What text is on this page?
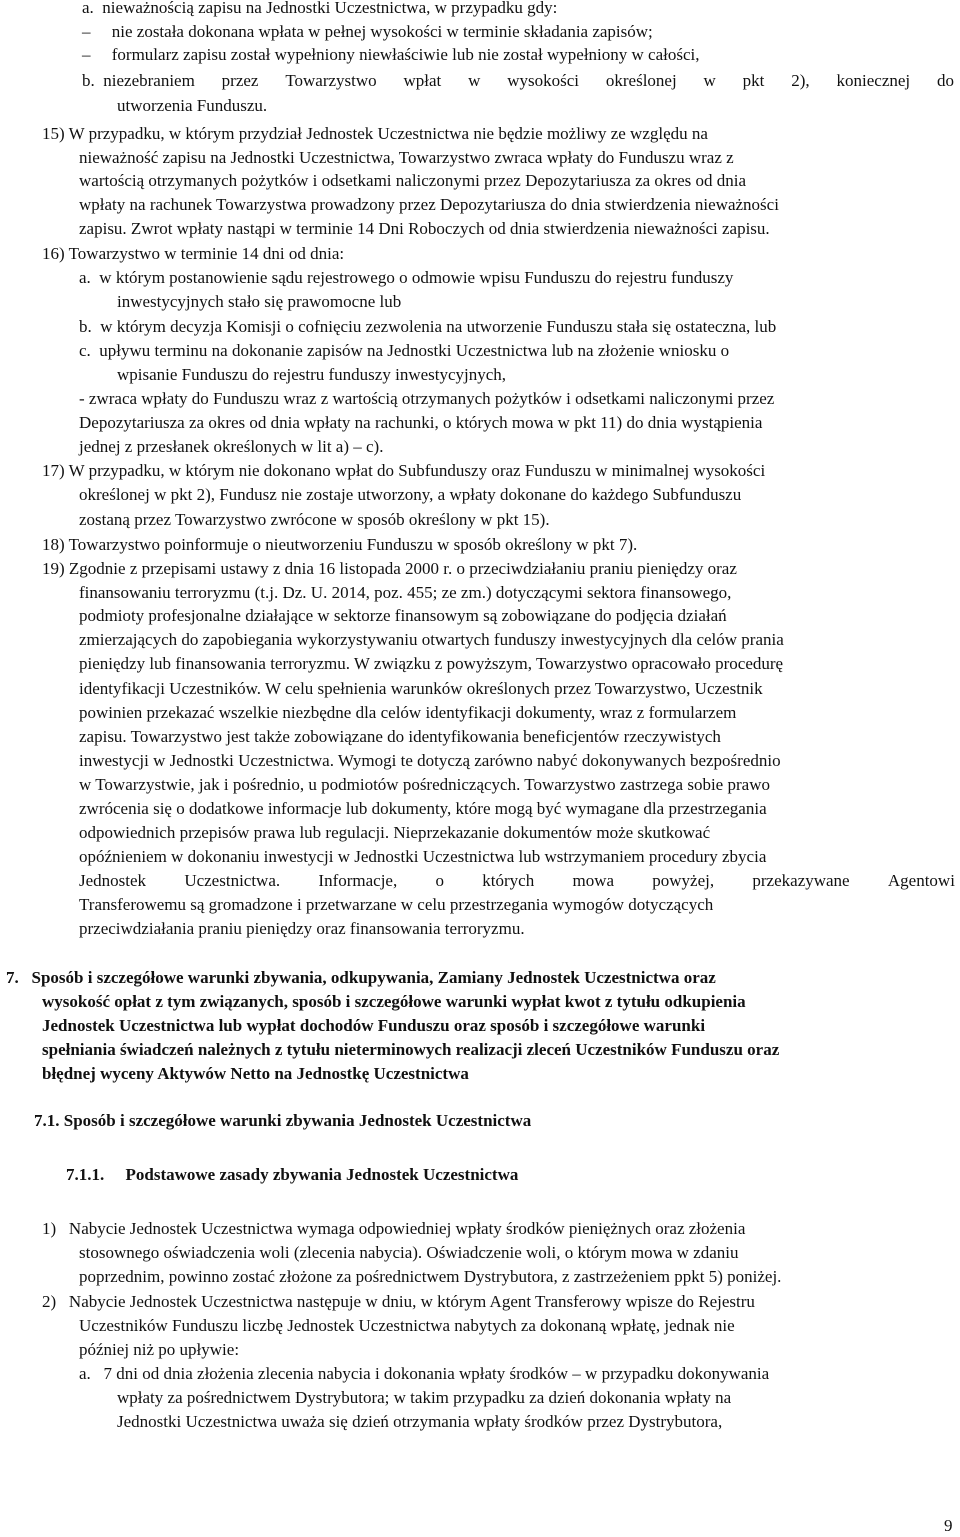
a.  nieważnością zapisu na Jednostki Uczestnictwa, w przypadku gdy:
–     nie została dokonana wpłata w pełnej wysokości w terminie składania zapisów;
–     formularz zapisu został wypełniony niewłaściwie lub nie został wypełniony w całości,
b.  niezebraniem przez Towarzystwo wpłat w wysokości określonej w pkt 2), koniecznej do
utworzenia Funduszu.
15) W przypadku, w którym przydział Jednostek Uczestnictwa nie będzie możliwy ze względu na
nieważność zapisu na Jednostki Uczestnictwa, Towarzystwo zwraca wpłaty do Funduszu wraz z
wartością otrzymanych pożytków i odsetkami naliczonymi przez Depozytariusza za okres od dnia
wpłaty na rachunek Towarzystwa prowadzony przez Depozytariusza do dnia stwierdzenia nieważności
zapisu. Zwrot wpłaty nastąpi w terminie 14 Dni Roboczych od dnia stwierdzenia nieważności zapisu.
16) Towarzystwo w terminie 14 dni od dnia:
a.  w którym postanowienie sądu rejestrowego o odmowie wpisu Funduszu do rejestru funduszy
inwestycyjnych stało się prawomocne lub
b.  w którym decyzja Komisji o cofnięciu zezwolenia na utworzenie Funduszu stała się ostateczna, lub
c.  upływu terminu na dokonanie zapisów na Jednostki Uczestnictwa lub na złożenie wniosku o
wpisanie Funduszu do rejestru funduszy inwestycyjnych,
- zwraca wpłaty do Funduszu wraz z wartością otrzymanych pożytków i odsetkami naliczonymi przez
Depozytariusza za okres od dnia wpłaty na rachunki, o których mowa w pkt 11) do dnia wystąpienia
jednej z przesłanek określonych w lit a) – c).
17) W przypadku, w którym nie dokonano wpłat do Subfunduszy oraz Funduszu w minimalnej wysokości
określonej w pkt 2), Fundusz nie zostaje utworzony, a wpłaty dokonane do każdego Subfunduszu
zostaną przez Towarzystwo zwrócone w sposób określony w pkt 15).
18) Towarzystwo poinformuje o nieutworzeniu Funduszu w sposób określony w pkt 7).
19) Zgodnie z przepisami ustawy z dnia 16 listopada 2000 r. o przeciwdziałaniu praniu pieniędzy oraz
finansowaniu terroryzmu (t.j. Dz. U. 2014, poz. 455; ze zm.) dotyczącymi sektora finansowego,
podmioty profesjonalne działające w sektorze finansowym są zobowiązane do podjęcia działań
zmierzających do zapobiegania wykorzystywaniu otwartych funduszy inwestycyjnych dla celów prania
pieniędzy lub finansowania terroryzmu. W związku z powyższym, Towarzystwo opracowało procedurę
identyfikacji Uczestników. W celu spełnienia warunków określonych przez Towarzystwo, Uczestnik
powinien przekazać wszelkie niezbędne dla celów identyfikacji dokumenty, wraz z formularzem
zapisu. Towarzystwo jest także zobowiązane do identyfikowania beneficjentów rzeczywistych
inwestycji w Jednostki Uczestnictwa. Wymogi te dotyczą zarówno nabyć dokonywanych bezpośrednio
w Towarzystwie, jak i pośrednio, u podmiotów pośredniczących. Towarzystwo zastrzega sobie prawo
zwrócenia się o dodatkowe informacje lub dokumenty, które mogą być wymagane dla przestrzegania
odpowiednich przepisów prawa lub regulacji. Nieprzekazanie dokumentów może skutkować
opóźnieniem w dokonaniu inwestycji w Jednostki Uczestnictwa lub wstrzymaniem procedury zbycia
Jednostek Uczestnictwa. Informacje, o których mowa powyżej, przekazywane Agentowi
Transferowemu są gromadzone i przetwarzane w celu przestrzegania wymogów dotyczących
przeciwdziałania praniu pieniędzy oraz finansowania terroryzmu.
7.   Sposób i szczegółowe warunki zbywania, odkupywania, Zamiany Jednostek Uczestnictwa oraz
wysokość opłat z tym związanych, sposób i szczegółowe warunki wypłat kwot z tytułu odkupienia
Jednostek Uczestnictwa lub wypłat dochodów Funduszu oraz sposób i szczegółowe warunki
spełniania świadczeń należnych z tytułu nieterminowych realizacji zleceń Uczestników Funduszu oraz
błędnej wyceny Aktywów Netto na Jednostkę Uczestnictwa
7.1. Sposób i szczegółowe warunki zbywania Jednostek Uczestnictwa
7.1.1.     Podstawowe zasady zbywania Jednostek Uczestnictwa
1)   Nabycie Jednostek Uczestnictwa wymaga odpowiedniej wpłaty środków pieniężnych oraz złożenia
stosownego oświadczenia woli (zlecenia nabycia). Oświadczenie woli, o którym mowa w zdaniu
poprzednim, powinno zostać złożone za pośrednictwem Dystrybutora, z zastrzeżeniem ppkt 5) poniżej.
2)   Nabycie Jednostek Uczestnictwa następuje w dniu, w którym Agent Transferowy wpisze do Rejestru
Uczestników Funduszu liczbę Jednostek Uczestnictwa nabytych za dokonaną wpłatę, jednak nie
później niż po upływie:
a.   7 dni od dnia złożenia zlecenia nabycia i dokonania wpłaty środków – w przypadku dokonywania
wpłaty za pośrednictwem Dystrybutora; w takim przypadku za dzień dokonania wpłaty na
Jednostki Uczestnictwa uważa się dzień otrzymania wpłaty środków przez Dystrybutora,
9
